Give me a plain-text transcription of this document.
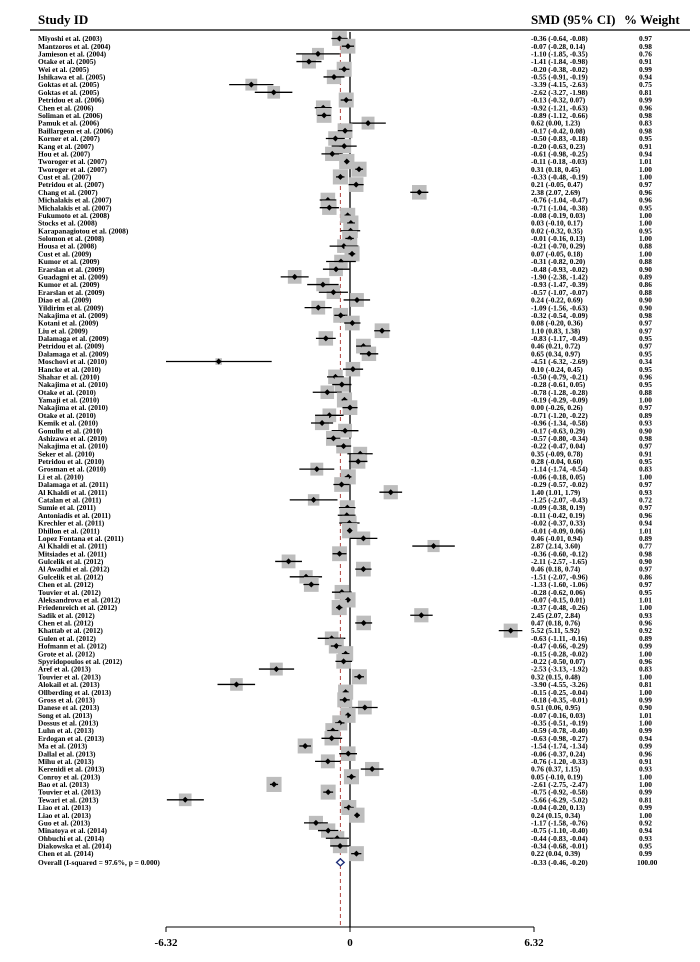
Study ID	SMD (95% CI) % Weight
Miyoshi et al. (2003)	-0.36 (-0.64, -0.08)	0.97
Mantzoros et al. (2004)	-0.07 (-0.28, 0.14)	0.98
Jamieson et al. (2004)	-1.10 (-1.85, -0.35)	0.76
Otake et al. (2005)	-1.41 (-1.84, -0.98)	0.91
Wei et al. (2005)	-0.20 (-0.38, -0.02)	0.99
Ishikawa et al. (2005)	-0.55 (-0.91, -0.19)	0.94
Goktas et al. (2005)	-3.39 (-4.15, -2.63)	0.75
Goktas et al. (2005)	-2.62 (-3.27, -1.98)	0.81
Petridou et al. (2006)	-0.13 (-0.32, 0.07)	0.99
Chen et al. (2006)	-0.92 (-1.21, -0.63)	0.96
Soliman et al. (2006)	-0.89 (-1.12, -0.66)	0.98
Pamuk et al. (2006)	0.62 (0.00, 1.23)	0.83
Baillargeon et al. (2006)	-0.17 (-0.42, 0.08)	0.98
Korner et al. (2007)	-0.50 (-0.83, -0.18)	0.95
Kang et al. (2007)	-0.20 (-0.63, 0.23)	0.91
Hou et al. (2007)	-0.61 (-0.98, -0.25)	0.94
Tworoger et al. (2007)	-0.11 (-0.18, -0.03)	1.01
Tworoger et al. (2007)	0.31 (0.18, 0.45)	1.00
Cust et al. (2007)	-0.33 (-0.48, -0.19)	1.00
Petridou et al. (2007)	0.21 (-0.05, 0.47)	0.97
Chang et al. (2007)	2.38 (2.07, 2.69)	0.96
Michalakis et al. (2007)	-0.76 (-1.04, -0.47)	0.96
Michalakis et al. (2007)	-0.71 (-1.04, -0.38)	0.95
Fukumoto et al. (2008)	-0.08 (-0.19, 0.03)	1.00
Stocks et al. (2008)	0.03 (-0.10, 0.17)	1.00
Karapanagiotou et al. (2008)	0.02 (-0.32, 0.35)	0.95
Solomon et al. (2008)	-0.01 (-0.16, 0.13)	1.00
Housa et al. (2008)	-0.21 (-0.70, 0.29)	0.88
Cust et al. (2009)	0.07 (-0.05, 0.18)	1.00
Kumor et al. (2009)	-0.31 (-0.82, 0.20)	0.88
Erarslan et al. (2009)	-0.48 (-0.93, -0.02)	0.90
Guadagni et al. (2009)	-1.90 (-2.38, -1.42)	0.89
Kumor et al. (2009)	-0.93 (-1.47, -0.39)	0.86
Erarslan et al. (2009)	-0.57 (-1.07, -0.07)	0.88
Diao et al. (2009)	0.24 (-0.22, 0.69)	0.90
Yildirim et al. (2009)	-1.09 (-1.56, -0.63)	0.90
Nakajima et al. (2009)	-0.32 (-0.54, -0.09)	0.98
Kotani et al. (2009)	0.08 (-0.20, 0.36)	0.97
Liu et al. (2009)	1.10 (0.83, 1.38)	0.97
Dalamaga et al. (2009)	-0.83 (-1.17, -0.49)	0.95
Petridou et al. (2009)	0.46 (0.21, 0.72)	0.97
Dalamaga et al. (2009)	0.65 (0.34, 0.97)	0.95
Moschovi et al. (2010)	-4.51 (-6.32, -2.69)	0.34
Hancke et al. (2010)	0.10 (-0.24, 0.45)	0.95
Shahar et al. (2010)	-0.50 (-0.79, -0.21)	0.96
Nakajima et al. (2010)	-0.28 (-0.61, 0.05)	0.95
Otake et al. (2010)	-0.78 (-1.28, -0.28)	0.88
Yamaji et al. (2010)	-0.19 (-0.29, -0.09)	1.00
Nakajima et al. (2010)	0.00 (-0.26, 0.26)	0.97
Otake et al. (2010)	-0.71 (-1.20, -0.22)	0.89
Kemik et al. (2010)	-0.96 (-1.34, -0.58)	0.93
Gonullu et al. (2010)	-0.17 (-0.63, 0.29)	0.90
Ashizawa et al. (2010)	-0.57 (-0.80, -0.34)	0.98
Nakajima et al. (2010)	-0.22 (-0.47, 0.04)	0.97
Seker et al. (2010)	0.35 (-0.09, 0.78)	0.91
Petridou et al. (2010)	0.28 (-0.04, 0.60)	0.95
Grosman et al. (2010)	-1.14 (-1.74, -0.54)	0.83
Li et al. (2010)	-0.06 (-0.18, 0.05)	1.00
Dalamaga et al. (2011)	-0.29 (-0.57, -0.02)	0.97
Al Khaldi et al. (2011)	1.40 (1.01, 1.79)	0.93
Catalan et al. (2011)	-1.25 (-2.07, -0.43)	0.72
Sumie et al. (2011)	-0.09 (-0.38, 0.19)	0.97
Antoniadis et al. (2011)	-0.11 (-0.42, 0.19)	0.96
Krechler et al. (2011)	-0.02 (-0.37, 0.33)	0.94
Dhillon et al. (2011)	-0.01 (-0.09, 0.06)	1.01
Lopez Fontana et al. (2011)	0.46 (-0.01, 0.94)	0.89
Al Khaldi et al. (2011)	2.87 (2.14, 3.60)	0.77
Mitsiades et al. (2011)	-0.36 (-0.60, -0.12)	0.98
Gulcelik et al. (2012)	-2.11 (-2.57, -1.65)	0.90
Al Awadhi et al. (2012)	0.46 (0.18, 0.74)	0.97
Gulcelik et al. (2012)	-1.51 (-2.07, -0.96)	0.86
Chen et al. (2012)	-1.33 (-1.60, -1.06)	0.97
Touvier et al. (2012)	-0.28 (-0.62, 0.06)	0.95
Aleksandrova et al. (2012)	-0.07 (-0.15, 0.01)	1.01
Friedenreich et al. (2012)	-0.37 (-0.48, -0.26)	1.00
Sadik et al. (2012)	2.45 (2.07, 2.84)	0.93
Chen et al. (2012)	0.47 (0.18, 0.76)	0.96
Khattab et al. (2012)	5.52 (5.11, 5.92)	0.92
Gulen et al. (2012)	-0.63 (-1.11, -0.16)	0.89
Hofmann et al. (2012)	-0.47 (-0.66, -0.29)	0.99
Grote et al. (2012)	-0.15 (-0.28, -0.02)	1.00
Spyridopoulos et al. (2012)	-0.22 (-0.50, 0.07)	0.96
Aref et al. (2013)	-2.53 (-3.13, -1.92)	0.83
Touvier et al. (2013)	0.32 (0.15, 0.48)	1.00
Alokail et al. (2013)	-3.90 (-4.55, -3.26)	0.81
Ollberding et al. (2013)	-0.15 (-0.25, -0.04)	1.00
Gross et al. (2013)	-0.18 (-0.35, -0.01)	0.99
Danese et al. (2013)	0.51 (0.06, 0.95)	0.90
Song et al. (2013)	-0.07 (-0.16, 0.03)	1.01
Dossus et al. (2013)	-0.35 (-0.51, -0.19)	1.00
Luhn et al. (2013)	-0.59 (-0.78, -0.40)	0.99
Erdogan et al. (2013)	-0.63 (-0.98, -0.27)	0.94
Ma et al. (2013)	-1.54 (-1.74, -1.34)	0.99
Dallal et al. (2013)	-0.06 (-0.37, 0.24)	0.96
Mihu et al. (2013)	-0.76 (-1.20, -0.33)	0.91
Kerenidi et al. (2013)	0.76 (0.37, 1.15)	0.93
Conroy et al. (2013)	0.05 (-0.10, 0.19)	1.00
Bao et al. (2013)	-2.61 (-2.75, -2.47)	1.00
Touvier et al. (2013)	-0.75 (-0.92, -0.58)	0.99
Tewari et al. (2013)	-5.66 (-6.29, -5.02)	0.81
Liao et al. (2013)	-0.04 (-0.20, 0.13)	0.99
Liao et al. (2013)	0.24 (0.15, 0.34)	1.00
Guo et al. (2013)	-1.17 (-1.58, -0.76)	0.92
Minatoya et al. (2014)	-0.75 (-1.10, -0.40)	0.94
Ohbuchi et al. (2014)	-0.44 (-0.83, -0.04)	0.93
Diakowska et al. (2014)	-0.34 (-0.68, -0.01)	0.95
Chen et al. (2014)	0.22 (0.04, 0.39)	0.99
Overall (I-squared = 97.6%, p = 0.000)	-0.33 (-0.46, -0.20)	100.00
-6.32	0	6.32
